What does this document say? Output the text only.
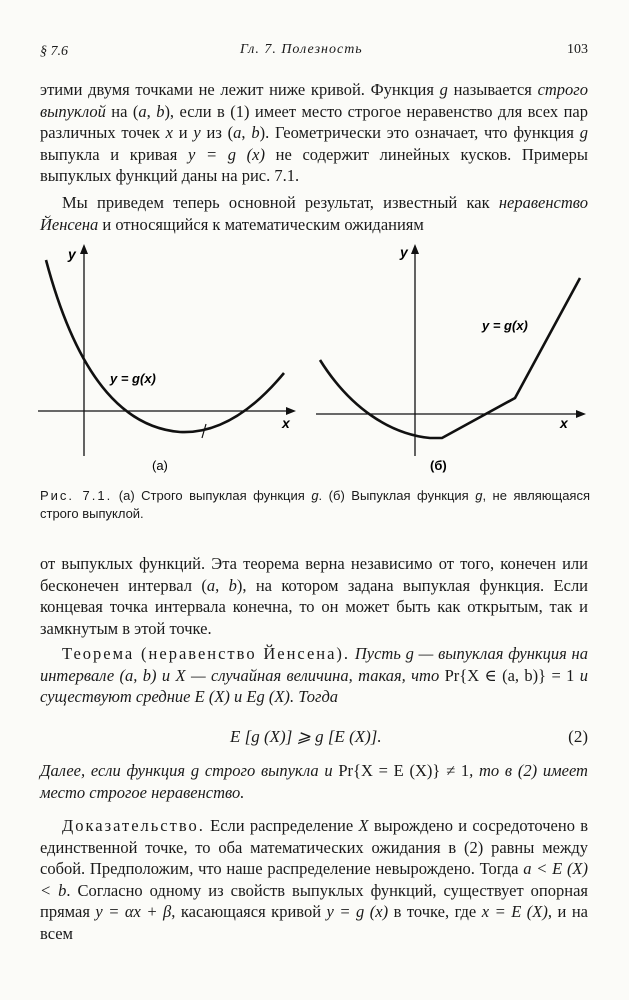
§ 7.6	Гл. 7. Полезность	103
этими двумя точками не лежит ниже кривой. Функция g называется строго выпуклой на (a, b), если в (1) имеет место строгое неравенство для всех пар различных точек x и y из (a, b). Геометрически это означает, что функция g выпукла и кривая y = g (x) не содержит линейных кусков. Примеры выпуклых функций даны на рис. 7.1.
Мы приведем теперь основной результат, известный как неравенство Йенсена и относящийся к математическим ожиданиям
y
x
y = g(x)
(а)
y
x
y = g(x)
(б)
Рис. 7.1. (а) Строго выпуклая функция g. (б) Выпуклая функция g, не являющаяся строго выпуклой.
от выпуклых функций. Эта теорема верна независимо от того, конечен или бесконечен интервал (a, b), на котором задана выпуклая функция. Если концевая точка интервала конечна, то он может быть как открытым, так и замкнутым в этой точке.
Теорема (неравенство Йенсена). Пусть g — выпуклая функция на интервале (a, b) и X — случайная величина, такая, что Pr{X ∈ (a, b)} = 1 и существуют средние E (X) и Eg (X). Тогда
E [g (X)] ⩾ g [E (X)].	(2)
Далее, если функция g строго выпукла и Pr{X = E (X)} ≠ 1, то в (2) имеет место строгое неравенство.
Доказательство. Если распределение X вырождено и сосредоточено в единственной точке, то оба математических ожидания в (2) равны между собой. Предположим, что наше распределение невырождено. Тогда a < E (X) < b. Согласно одному из свойств выпуклых функций, существует опорная прямая y = αx + β, касающаяся кривой y = g (x) в точке, где x = E (X), и на всем
